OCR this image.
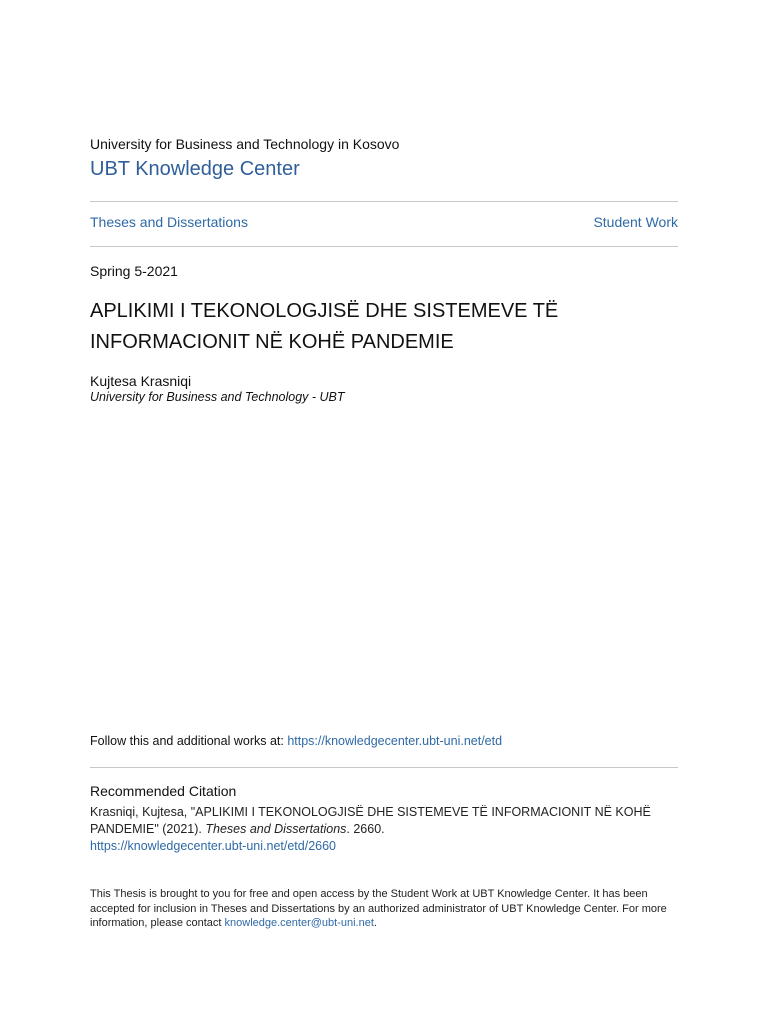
University for Business and Technology in Kosovo
UBT Knowledge Center
Theses and Dissertations	Student Work
Spring 5-2021
APLIKIMI I TEKONOLOGJISË DHE SISTEMEVE TË
INFORMACIONIT NË KOHË PANDEMIE
Kujtesa Krasniqi
University for Business and Technology - UBT
Follow this and additional works at: https://knowledgecenter.ubt-uni.net/etd
Recommended Citation
Krasniqi, Kujtesa, "APLIKIMI I TEKONOLOGJISË DHE SISTEMEVE TË INFORMACIONIT NË KOHË PANDEMIE" (2021). Theses and Dissertations. 2660.
https://knowledgecenter.ubt-uni.net/etd/2660
This Thesis is brought to you for free and open access by the Student Work at UBT Knowledge Center. It has been accepted for inclusion in Theses and Dissertations by an authorized administrator of UBT Knowledge Center. For more information, please contact knowledge.center@ubt-uni.net.
